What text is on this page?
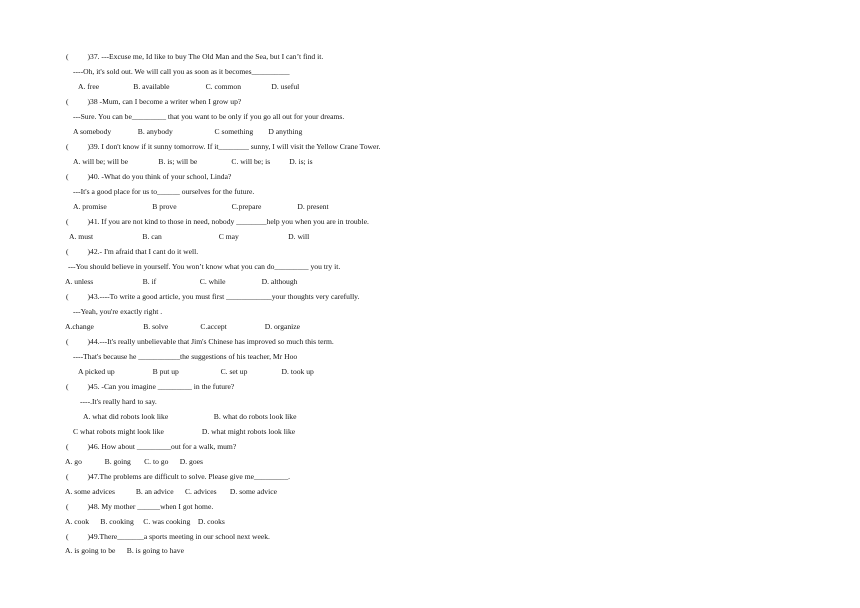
(          )37. ---Excuse me, Id like to buy The Old Man and the Sea, but I can’t find it.
----Oh, it's sold out. We will call you as soon as it becomes__________
A. free                  B. available                   C. common                D. useful
(          )38 -Mum, can I become a writer when I grow up?
---Sure. You can be_________ that you want to be only if you go all out for your dreams.
A somebody              B. anybody                      C something        D anything
(          )39. I don't know if it sunny tomorrow. If it________ sunny, I will visit the Yellow Crane Tower.
A. will be; will be                B. is; will be                  C. will be; is          D. is; is
(          )40. -What do you think of your school, Linda?
---It's a good place for us to______ ourselves for the future.
A. promise                        B prove                             C.prepare                   D. present
(          )41. If you are not kind to those in need, nobody ________help you when you are in trouble.
A. must                          B. can                              C may                          D. will
(          )42.- I'm afraid that I cant do it well.
---You should believe in yourself. You won’t know what you can do_________ you try it.
A. unless                          B. if                       C. while                   D. although
(          )43.----To write a good article, you must first ____________your thoughts very carefully.
---Yeah, you're exactly right .
A.change                          B. solve                 C.accept                    D. organize
(          )44.---It's really unbelievable that Jim's Chinese has improved so much this term.
----That's because he ___________the suggestions of his teacher, Mr Hoo
A picked up                    B put up                      C. set up                  D. took up
(          )45. -Can you imagine _________ in the future?
----.It's really hard to say.
A. what did robots look like                        B. what do robots look like
C what robots might look like                    D. what might robots look like
(          )46. How about _________out for a walk, mum?
A. go            B. going       C. to go      D. goes
(          )47.The problems are difficult to solve. Please give me_________.
A. some advices           B. an advice      C. advices       D. some advice
(          )48. My mother ______when I got home.
A. cook      B. cooking     C. was cooking    D. cooks
(          )49.There_______a sports meeting in our school next week.
A. is going to be      B. is going to have
